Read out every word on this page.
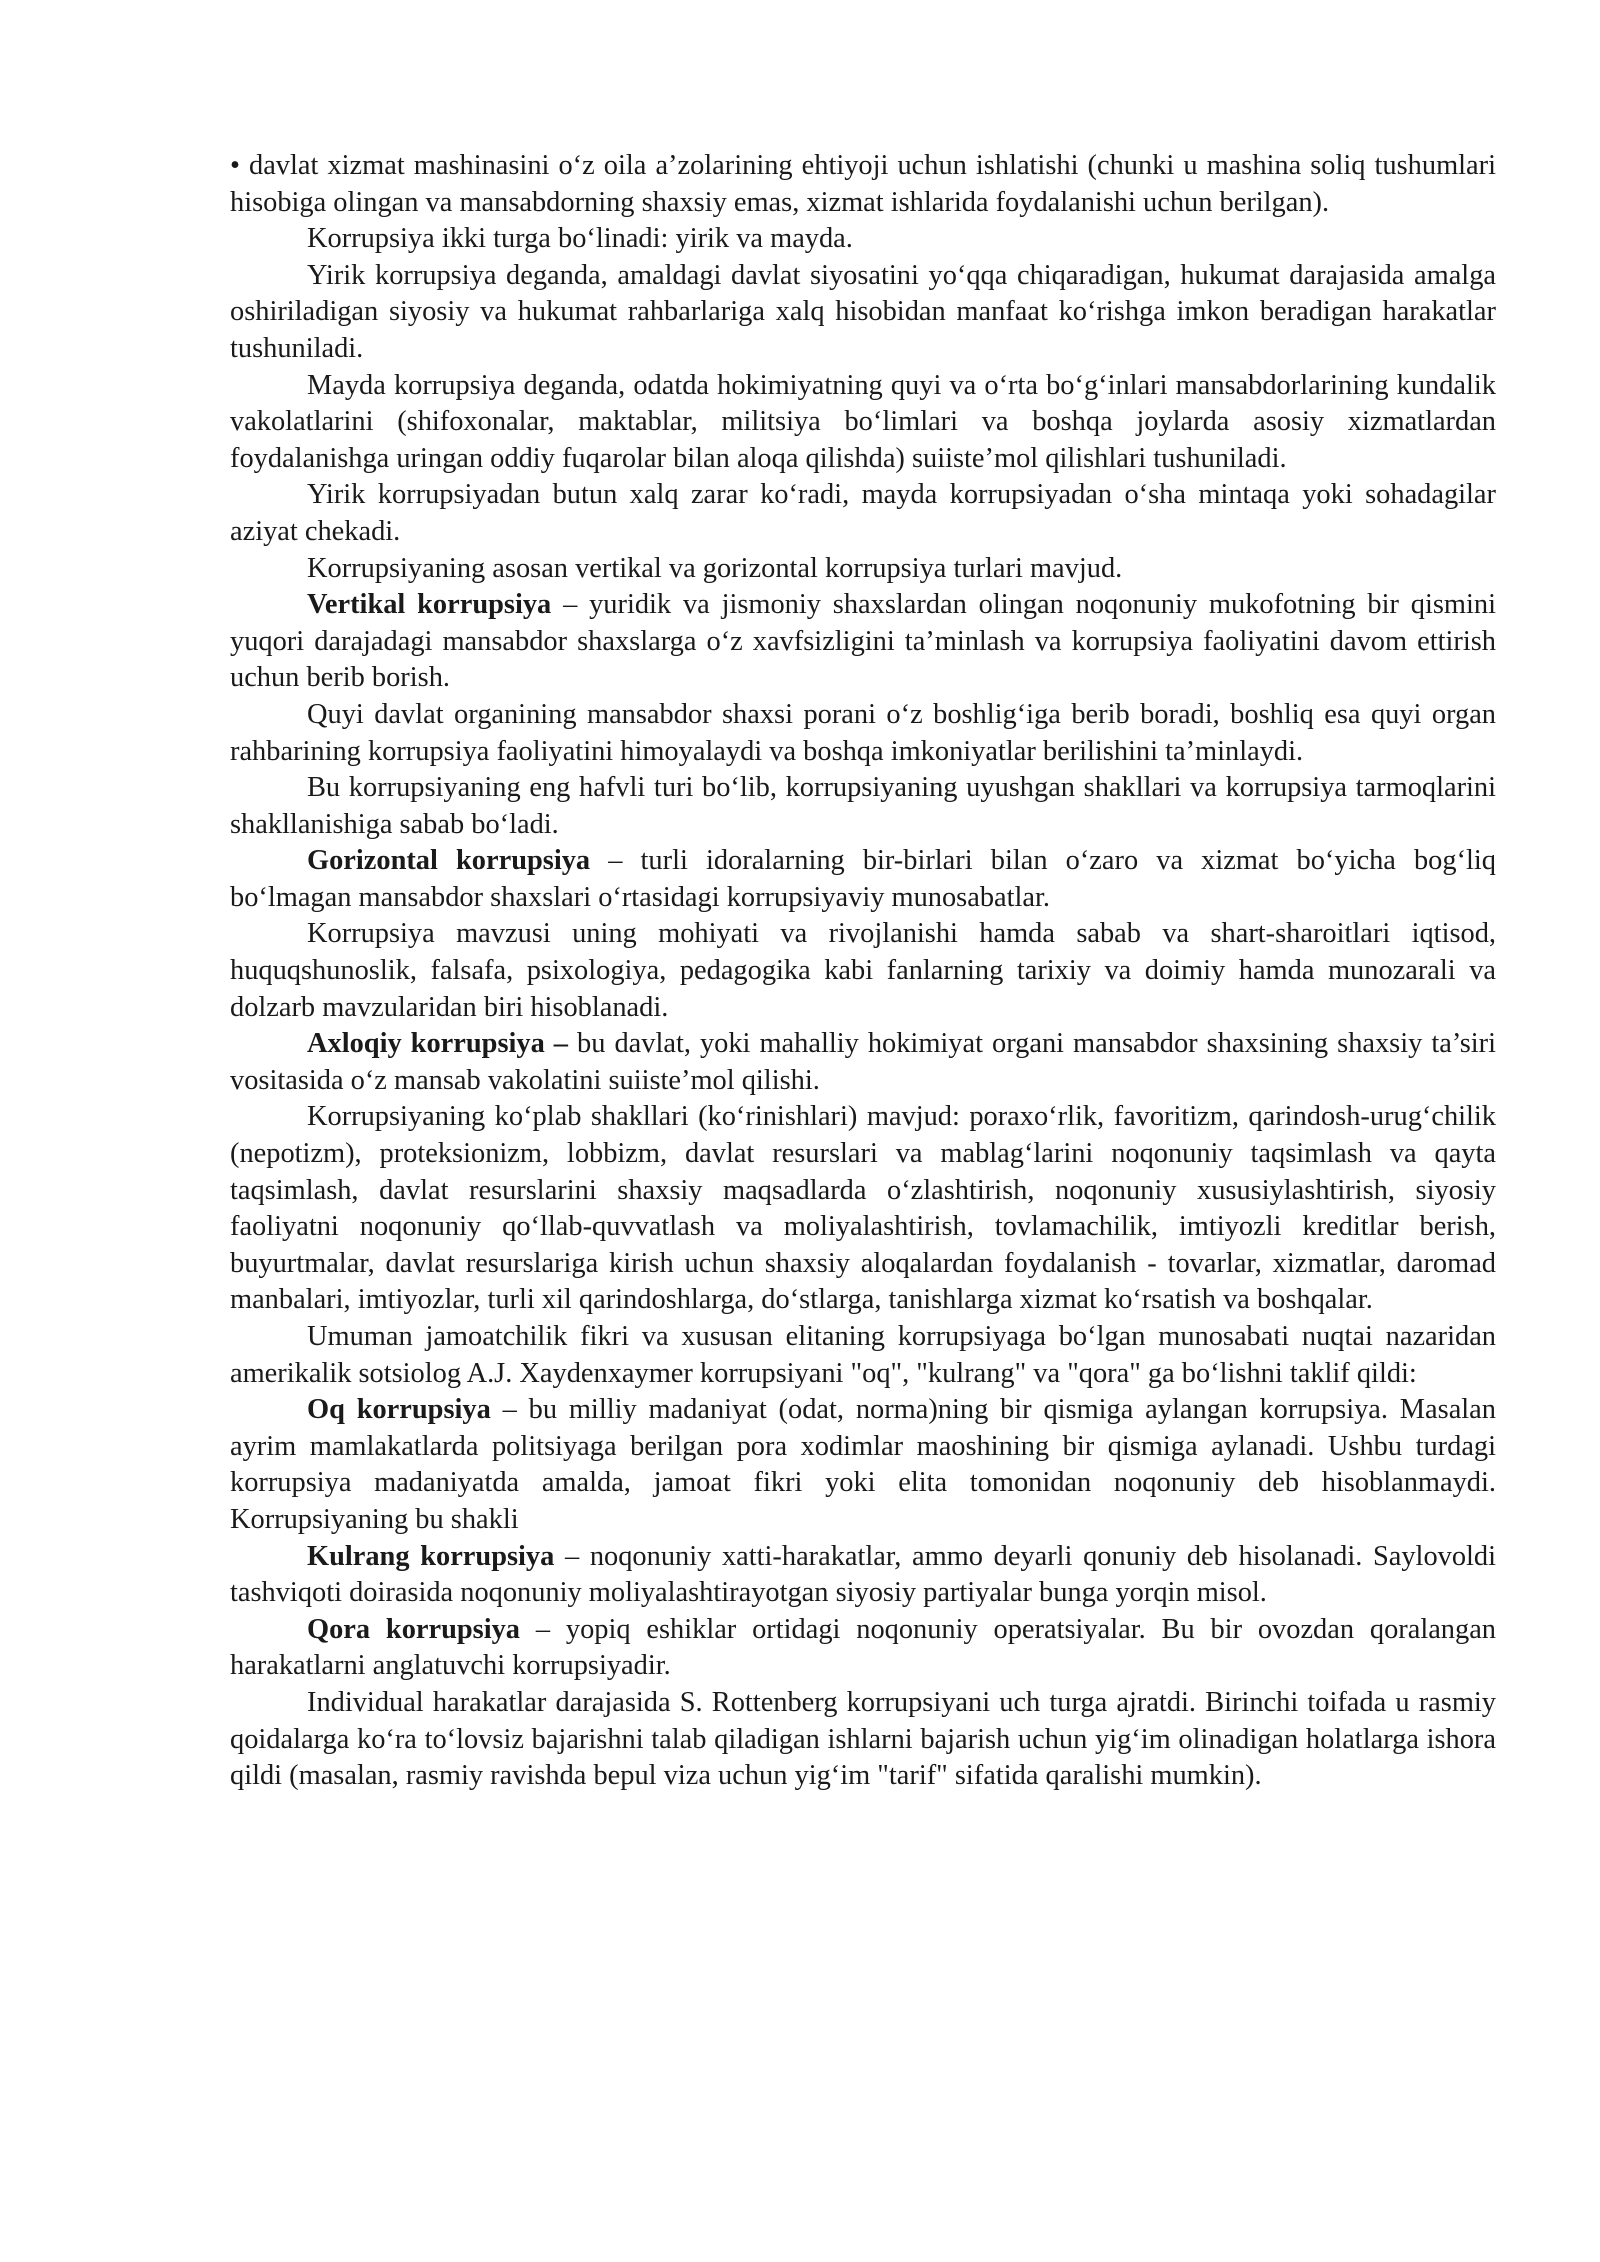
• davlat xizmat mashinasini o‘z oila a’zolarining ehtiyoji uchun ishlatishi (chunki u mashina soliq tushumlari hisobiga olingan va mansabdorning shaxsiy emas, xizmat ishlarida foydalanishi uchun berilgan).

Korrupsiya ikki turga bo‘linadi: yirik va mayda.

Yirik korrupsiya deganda, amaldagi davlat siyosatini yo‘qqa chiqaradigan, hukumat darajasida amalga oshiriladigan siyosiy va hukumat rahbarlariga xalq hisobidan manfaat ko‘rishga imkon beradigan harakatlar tushuniladi.

Mayda korrupsiya deganda, odatda hokimiyatning quyi va o‘rta bo‘g‘inlari mansabdorlarining kundalik vakolatlarini (shifoxonalar, maktablar, militsiya bo‘limlari va boshqa joylarda asosiy xizmatlardan foydalanishga uringan oddiy fuqarolar bilan aloqa qilishda) suiiste’mol qilishlari tushuniladi.

Yirik korrupsiyadan butun xalq zarar ko‘radi, mayda korrupsiyadan o‘sha mintaqa yoki sohadagilar aziyat chekadi.

Korrupsiyaning asosan vertikal va gorizontal korrupsiya turlari mavjud.

Vertikal korrupsiya – yuridik va jismoniy shaxslardan olingan noqonuniy mukofotning bir qismini yuqori darajadagi mansabdor shaxslarga o‘z xavfsizligini ta’minlash va korrupsiya faoliyatini davom ettirish uchun berib borish.

Quyi davlat organining mansabdor shaxsi porani o‘z boshlig‘iga berib boradi, boshliq esa quyi organ rahbarining korrupsiya faoliyatini himoyalaydi va boshqa imkoniyatlar berilishini ta’minlaydi.

Bu korrupsiyaning eng hafvli turi bo‘lib, korrupsiyaning uyushgan shakllari va korrupsiya tarmoqlarini shakllanishiga sabab bo‘ladi.

Gorizontal korrupsiya – turli idoralarning bir-birlari bilan o‘zaro va xizmat bo‘yicha bog‘liq bo‘lmagan mansabdor shaxslari o‘rtasidagi korrupsiyaviy munosabatlar.

Korrupsiya mavzusi uning mohiyati va rivojlanishi hamda sabab va shart-sharoitlari iqtisod, huquqshunoslik, falsafa, psixologiya, pedagogika kabi fanlarning tarixiy va doimiy hamda munozarali va dolzarb mavzularidan biri hisoblanadi.

Axloqiy korrupsiya – bu davlat, yoki mahalliy hokimiyat organi mansabdor shaxsining shaxsiy ta’siri vositasida o‘z mansab vakolatini suiiste’mol qilishi.

Korrupsiyaning ko‘plab shakllari (ko‘rinishlari) mavjud: poraxo‘rlik, favoritizm, qarindosh-urug‘chilik (nepotizm), proteksionizm, lobbizm, davlat resurslari va mablag‘larini noqonuniy taqsimlash va qayta taqsimlash, davlat resurslarini shaxsiy maqsadlarda o‘zlashtirish, noqonuniy xususiylashtirish, siyosiy faoliyatni noqonuniy qo‘llab-quvvatlash va moliyalashtirish, tovlamachilik, imtiyozli kreditlar berish, buyurtmalar, davlat resurslariga kirish uchun shaxsiy aloqalardan foydalanish - tovarlar, xizmatlar, daromad manbalari, imtiyozlar, turli xil qarindoshlarga, do‘stlarga, tanishlarga xizmat ko‘rsatish va boshqalar.

Umuman jamoatchilik fikri va xususan elitaning korrupsiyaga bo‘lgan munosabati nuqtai nazaridan amerikalik sotsiolog A.J. Xaydenxaymer korrupsiyani "oq", "kulrang" va "qora" ga bo‘lishni taklif qildi:

Oq korrupsiya – bu milliy madaniyat (odat, norma)ning bir qismiga aylangan korrupsiya. Masalan ayrim mamlakatlarda politsiyaga berilgan pora xodimlar maoshining bir qismiga aylanadi. Ushbu turdagi korrupsiya madaniyatda amalda, jamoat fikri yoki elita tomonidan noqonuniy deb hisoblanmaydi. Korrupsiyaning bu shakli

Kulrang korrupsiya – noqonuniy xatti-harakatlar, ammo deyarli qonuniy deb hisolanadi. Saylovoldi tashviqoti doirasida noqonuniy moliyalashtirayotgan siyosiy partiyalar bunga yorqin misol.

Qora korrupsiya – yopiq eshiklar ortidagi noqonuniy operatsiyalar. Bu bir ovozdan qoralangan harakatlarni anglatuvchi korrupsiyadir.

Individual harakatlar darajasida S. Rottenberg korrupsiyani uch turga ajratdi. Birinchi toifada u rasmiy qoidalarga ko‘ra to‘lovsiz bajarishni talab qiladigan ishlarni bajarish uchun yig‘im olinadigan holatlarga ishora qildi (masalan, rasmiy ravishda bepul viza uchun yig‘im "tarif" sifatida qaralishi mumkin).
